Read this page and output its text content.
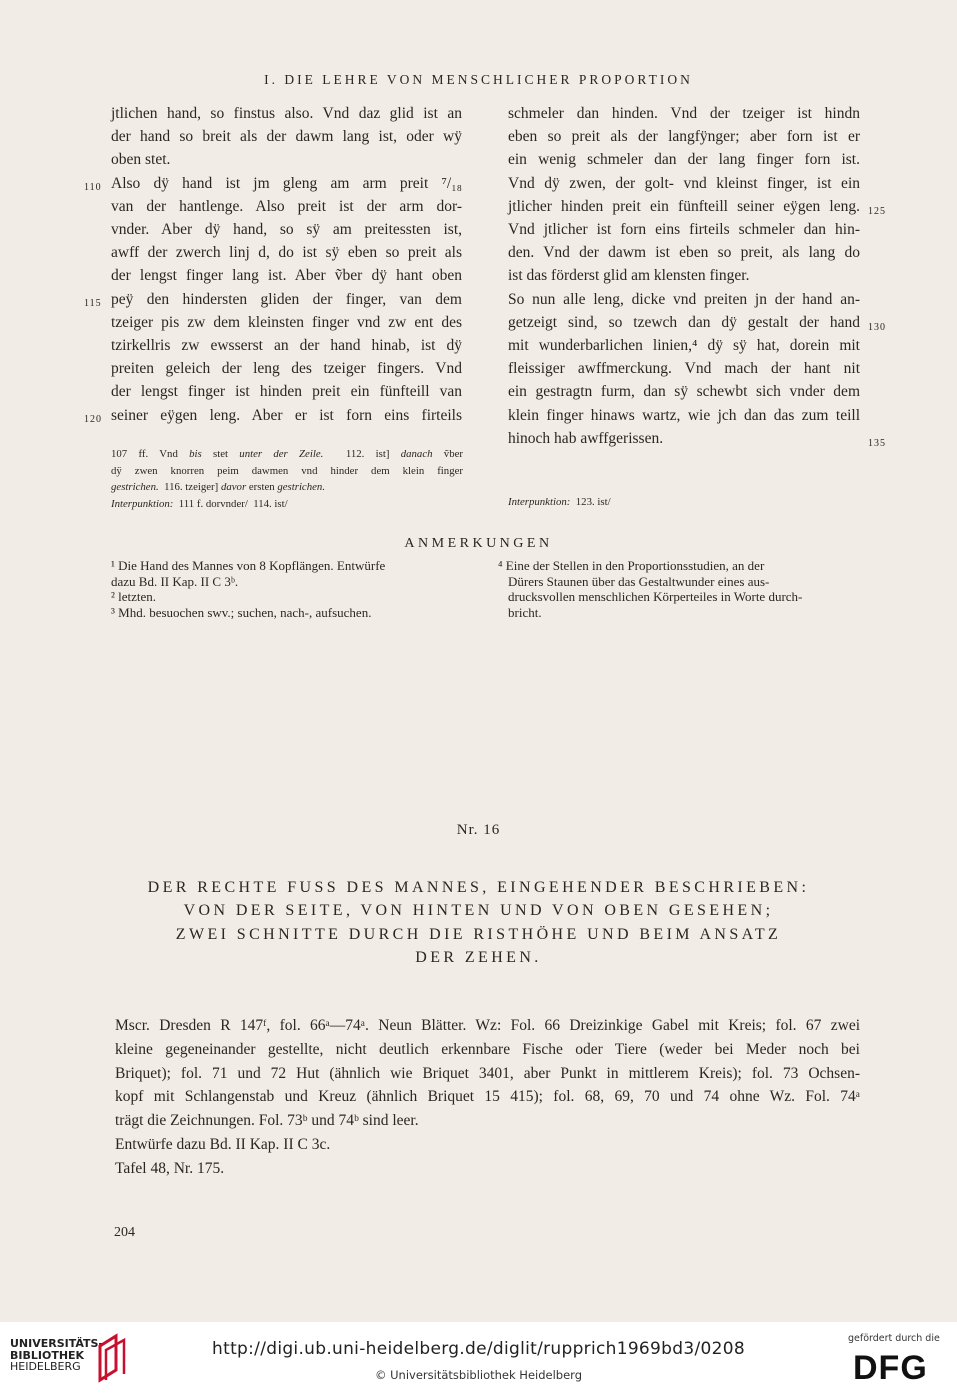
I. DIE LEHRE VON MENSCHLICHER PROPORTION
jtlichen hand, so finstus also. Vnd daz glid ist an
der hand so breit als der dawm lang ist, oder wÿ
oben stet.
Also dÿ hand ist jm gleng am arm preit ⁷/₁₈
van der hantlenge. Also preit ist der arm dor-
vnder. Aber dÿ hand, so sÿ am preitessten ist,
awff der zwerch linj d, do ist sÿ eben so preit als
der lengst finger lang ist. Aber ṽber dÿ hant oben
peÿ den hindersten gliden der finger, van dem
tzeiger pis zw dem kleinsten finger vnd zw ent des
tzirkellris zw ewsserst an der hand hinab, ist dÿ
preiten geleich der leng des tzeiger fingers. Vnd
der lengst finger ist hinden preit ein fünfteill van
seiner eÿgen leng. Aber er ist forn eins firteils
110
115
120
schmeler dan hinden. Vnd der tzeiger ist hindn
eben so preit als der langfÿnger; aber forn ist er
ein wenig schmeler dan der lang finger forn ist.
Vnd dÿ zwen, der golt- vnd kleinst finger, ist ein
jtlicher hinden preit ein fünfteill seiner eÿgen leng.
Vnd jtlicher ist forn eins firteils schmeler dan hin-
den. Vnd der dawm ist eben so preit, als lang do
ist das förderst glid am klensten finger.
So nun alle leng, dicke vnd preiten jn der hand an-
getzeigt sind, so tzewch dan dÿ gestalt der hand
mit wunderbarlichen linien,⁴ dÿ sÿ hat, dorein mit
fleissiger awffmerckung. Vnd mach der hant nit
ein gestragtn furm, dan sÿ schewbt sich vnder dem
klein finger hinaws wartz, wie jch dan das zum teill
hinoch hab awffgerissen.
125
130
135
107 ff. Vnd bis stet unter der Zeile.  112. ist] danach ṽber
dÿ zwen knorren peim dawmen vnd hinder dem klein finger
gestrichen.  116. tzeiger] davor ersten gestrichen.
Interpunktion:  111 f. dorvnder/  114. ist/	Interpunktion:  123. ist/
ANMERKUNGEN
¹ Die Hand des Mannes von 8 Kopflängen. Entwürfe
dazu Bd. II Kap. II C 3ᵇ.
² letzten.
³ Mhd. besuochen swv.; suchen, nach-, aufsuchen.
⁴ Eine der Stellen in den Proportionsstudien, an der
Dürers Staunen über das Gestaltwunder eines aus-
drucksvollen menschlichen Körperteiles in Worte durch-
bricht.
Nr. 16
DER RECHTE FUSS DES MANNES, EINGEHENDER BESCHRIEBEN:
VON DER SEITE, VON HINTEN UND VON OBEN GESEHEN;
ZWEI SCHNITTE DURCH DIE RISTHÖHE UND BEIM ANSATZ
DER ZEHEN.
Mscr. Dresden R 147ᶠ, fol. 66ᵃ—74ᵃ. Neun Blätter. Wz: Fol. 66 Dreizinkige Gabel mit Kreis; fol. 67 zwei
kleine gegeneinander gestellte, nicht deutlich erkennbare Fische oder Tiere (weder bei Meder noch bei
Briquet); fol. 71 und 72 Hut (ähnlich wie Briquet 3401, aber Punkt in mittlerem Kreis); fol. 73 Ochsen-
kopf mit Schlangenstab und Kreuz (ähnlich Briquet 15 415); fol. 68, 69, 70 und 74 ohne Wz. Fol. 74ᵃ
trägt die Zeichnungen. Fol. 73ᵇ und 74ᵇ sind leer.
Entwürfe dazu Bd. II Kap. II C 3c.
Tafel 48, Nr. 175.
204
UNIVERSITÄTS-
BIBLIOTHEK
HEIDELBERG
http://digi.ub.uni-heidelberg.de/diglit/rupprich1969bd3/0208
© Universitätsbibliothek Heidelberg
gefördert durch die
DFG
